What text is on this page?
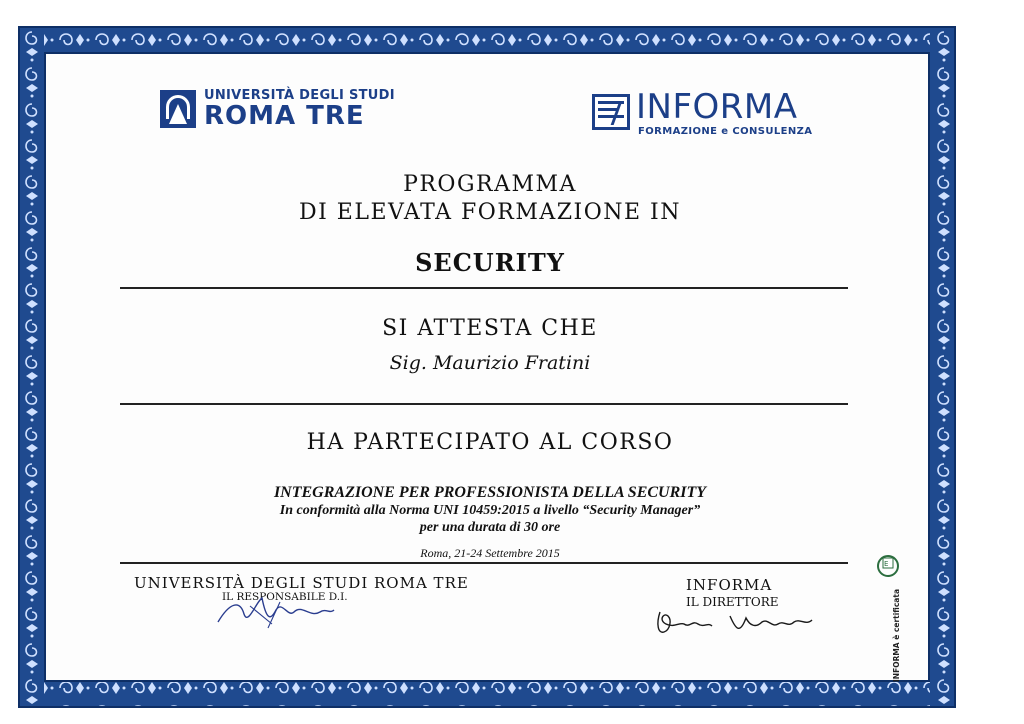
UNIVERSITÀ DEGLI STUDI
ROMA TRE	INFORMA
FORMAZIONE e CONSULENZA
PROGRAMMA
DI ELEVATA FORMAZIONE IN
SECURITY
SI ATTESTA CHE
Sig. Maurizio Fratini
HA PARTECIPATO AL CORSO
INTEGRAZIONE PER PROFESSIONISTA DELLA SECURITY
In conformità alla Norma UNI 10459:2015 a livello “Security Manager”
per una durata di 30 ore
Roma, 21-24 Settembre 2015
UNIVERSITÀ DEGLI STUDI ROMA TRE
IL RESPONSABILE D.I.
INFORMA
IL DIRETTORE
E
INFORMA è certificata
